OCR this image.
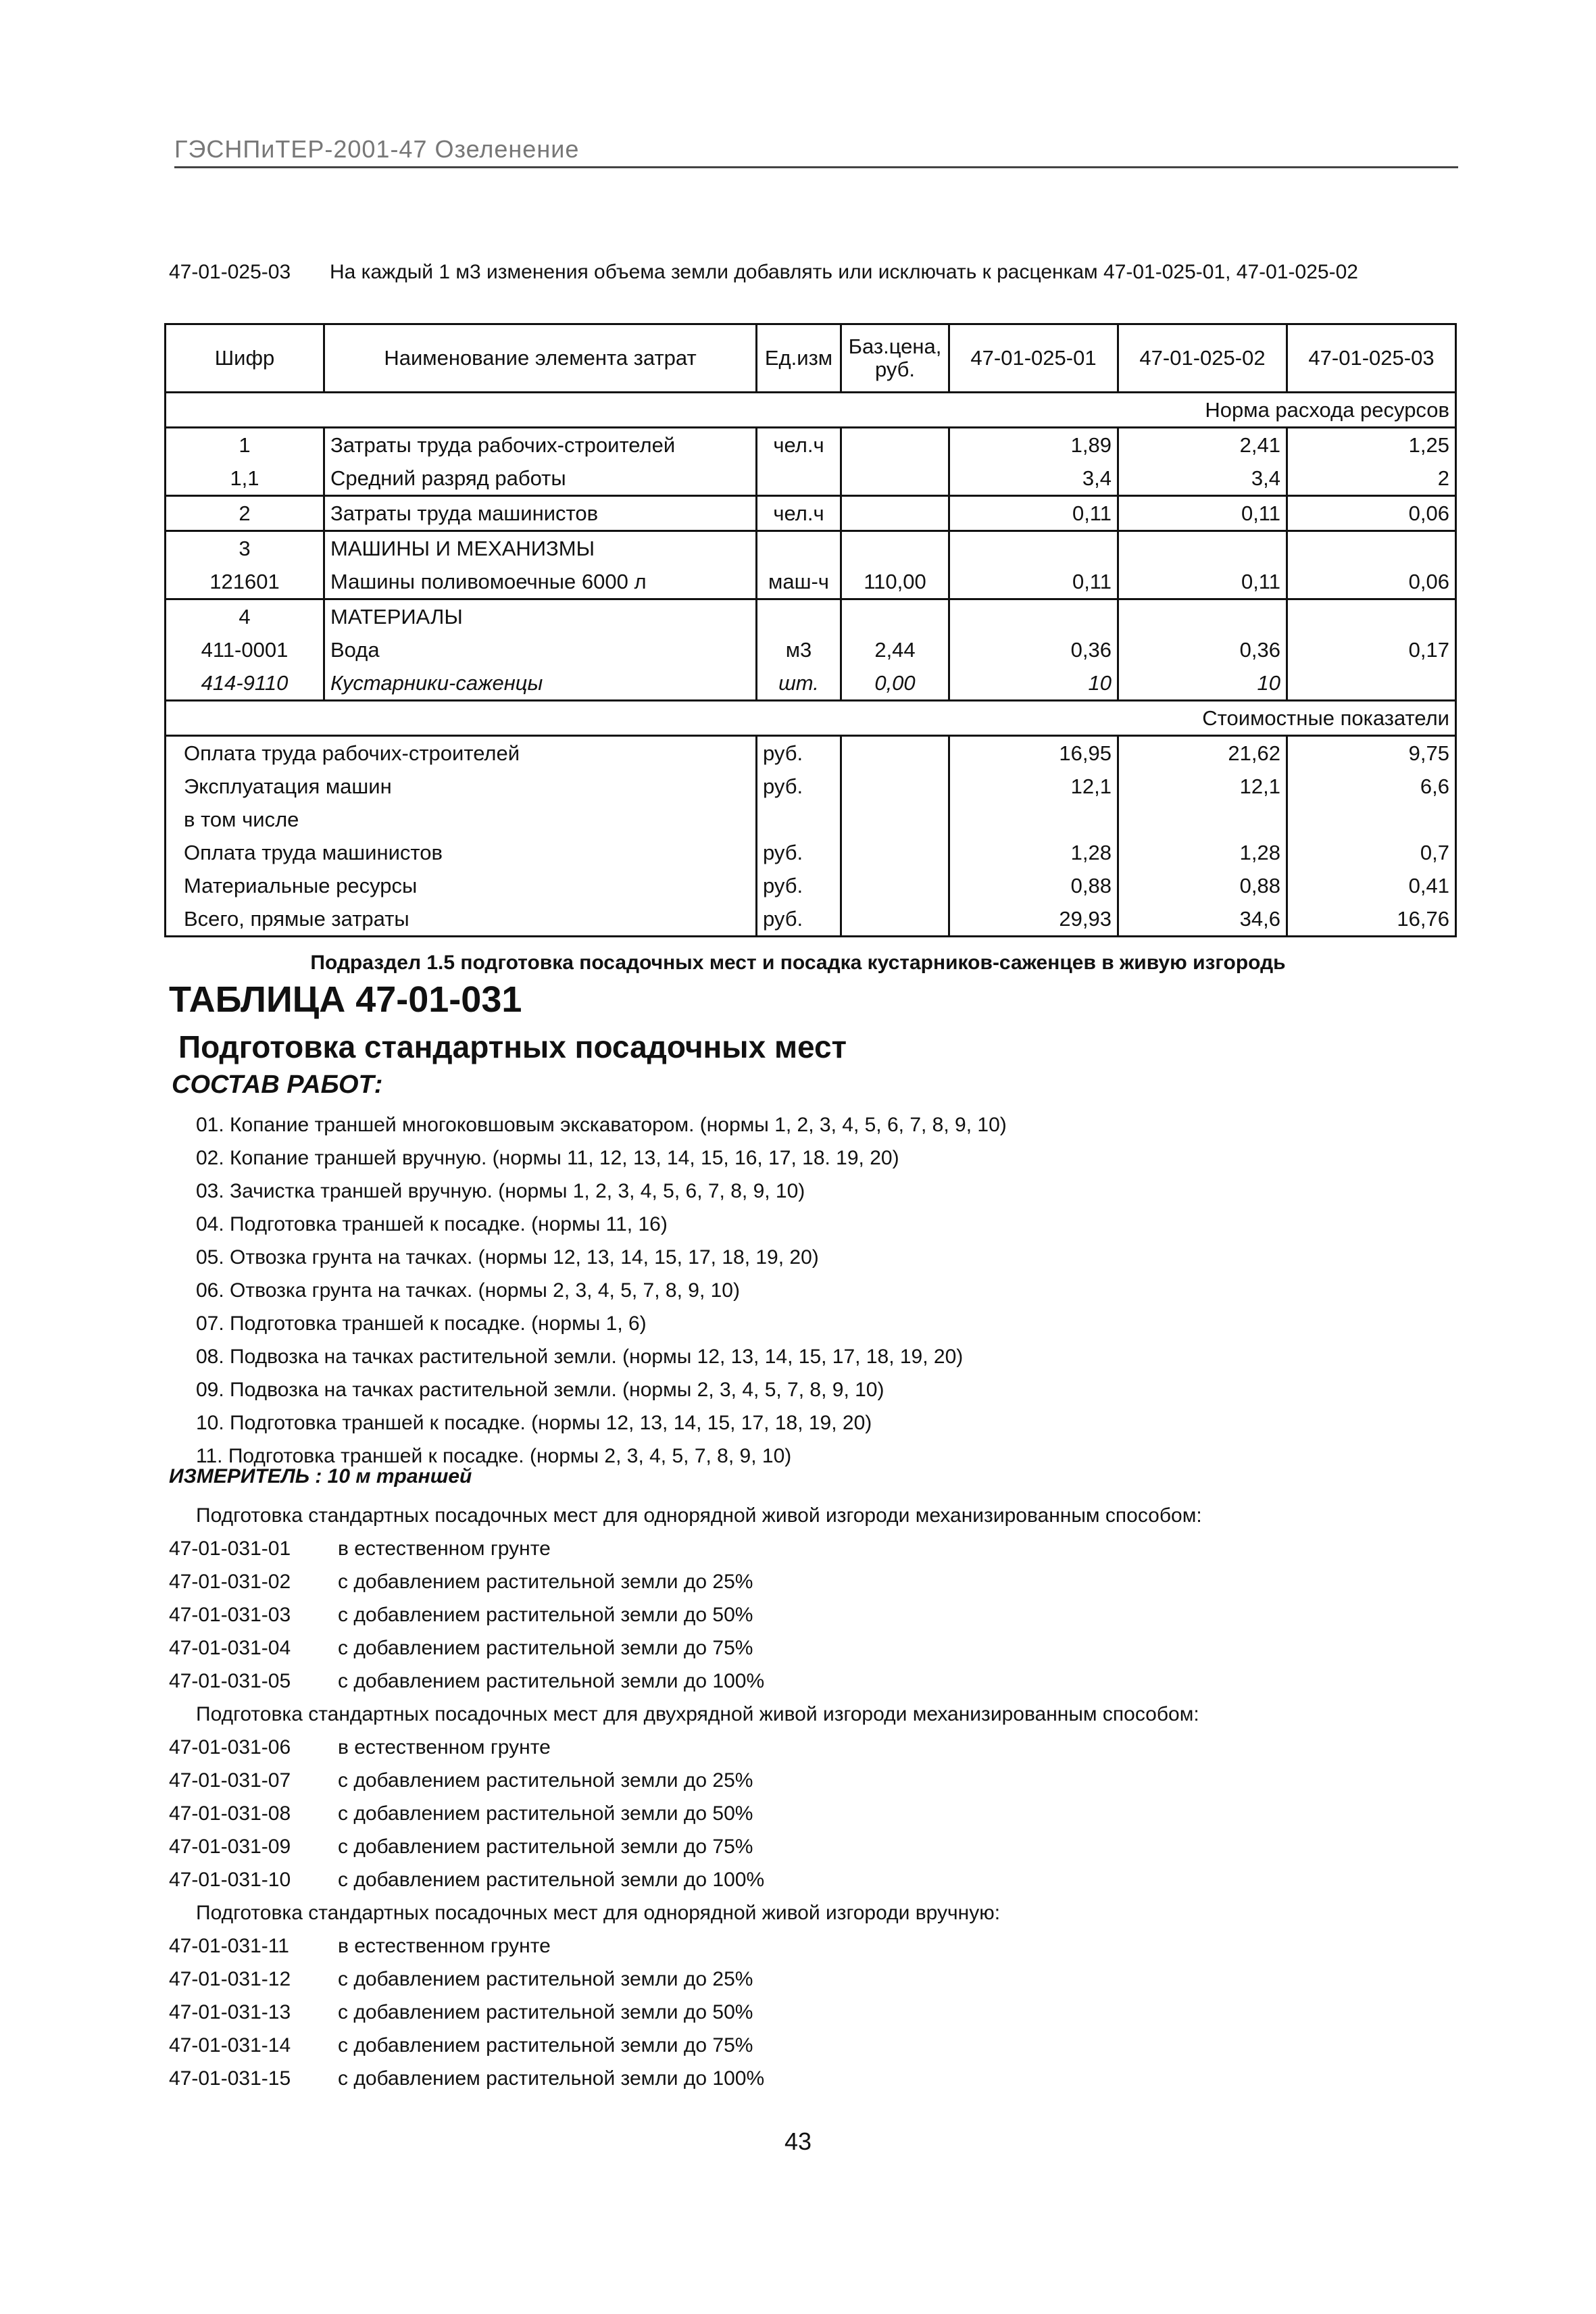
ГЭСНПиТЕР-2001-47 Озеленение
47-01-025-03 На каждый 1 м3 изменения объема земли добавлять или исключать к расценкам 47-01-025-01, 47-01-025-02
Шифр	Наименование элемента затрат	Ед.изм	Баз.цена, руб.	47-01-025-01	47-01-025-02	47-01-025-03
Норма расхода ресурсов						
1	Затраты труда рабочих-строителей	чел.ч		1,89	2,41	1,25
1,1	Средний разряд работы			3,4	3,4	2
2	Затраты труда машинистов	чел.ч		0,11	0,11	0,06
3	МАШИНЫ И МЕХАНИЗМЫ					
121601	Машины поливомоечные 6000 л	маш-ч	110,00	0,11	0,11	0,06
4	МАТЕРИАЛЫ					
411-0001	Вода	м3	2,44	0,36	0,36	0,17
414-9110	Кустарники-саженцы	шт.	0,00	10	10	
Стоимостные показатели						
Оплата труда рабочих-строителей		руб.		16,95	21,62	9,75
Эксплуатация машин		руб.		12,1	12,1	6,6
в том числе						
Оплата труда машинистов		руб.		1,28	1,28	0,7
Материальные ресурсы		руб.		0,88	0,88	0,41
Всего, прямые затраты		руб.		29,93	34,6	16,76
Подраздел 1.5 подготовка посадочных мест и посадка кустарников-саженцев в живую изгородь
ТАБЛИЦА 47-01-031
Подготовка стандартных посадочных мест
СОСТАВ РАБОТ:
01. Копание траншей многоковшовым экскаватором. (нормы 1, 2, 3, 4, 5, 6, 7, 8, 9, 10)
02. Копание траншей вручную. (нормы 11, 12, 13, 14, 15, 16, 17, 18. 19, 20)
03. Зачистка траншей вручную. (нормы 1, 2, 3, 4, 5, 6, 7, 8, 9, 10)
04. Подготовка траншей к посадке. (нормы 11, 16)
05. Отвозка грунта на тачках. (нормы 12, 13, 14, 15, 17, 18, 19, 20)
06. Отвозка грунта на тачках. (нормы 2, 3, 4, 5, 7, 8, 9, 10)
07. Подготовка траншей к посадке. (нормы 1, 6)
08. Подвозка на тачках растительной земли. (нормы 12, 13, 14, 15, 17, 18, 19, 20)
09. Подвозка на тачках растительной земли. (нормы 2, 3, 4, 5, 7, 8, 9, 10)
10. Подготовка траншей к посадке. (нормы 12, 13, 14, 15, 17, 18, 19, 20)
11. Подготовка траншей к посадке. (нормы 2, 3, 4, 5, 7, 8, 9, 10)
ИЗМЕРИТЕЛЬ : 10 м траншей
Подготовка стандартных посадочных мест для однорядной живой изгороди механизированным способом:
47-01-031-01 в естественном грунте
47-01-031-02 с добавлением растительной земли до 25%
47-01-031-03 с добавлением растительной земли до 50%
47-01-031-04 с добавлением растительной земли до 75%
47-01-031-05 с добавлением растительной земли до 100%
Подготовка стандартных посадочных мест для двухрядной живой изгороди механизированным способом:
47-01-031-06 в естественном грунте
47-01-031-07 с добавлением растительной земли до 25%
47-01-031-08 с добавлением растительной земли до 50%
47-01-031-09 с добавлением растительной земли до 75%
47-01-031-10 с добавлением растительной земли до 100%
Подготовка стандартных посадочных мест для однорядной живой изгороди вручную:
47-01-031-11 в естественном грунте
47-01-031-12 с добавлением растительной земли до 25%
47-01-031-13 с добавлением растительной земли до 50%
47-01-031-14 с добавлением растительной земли до 75%
47-01-031-15 с добавлением растительной земли до 100%
43
